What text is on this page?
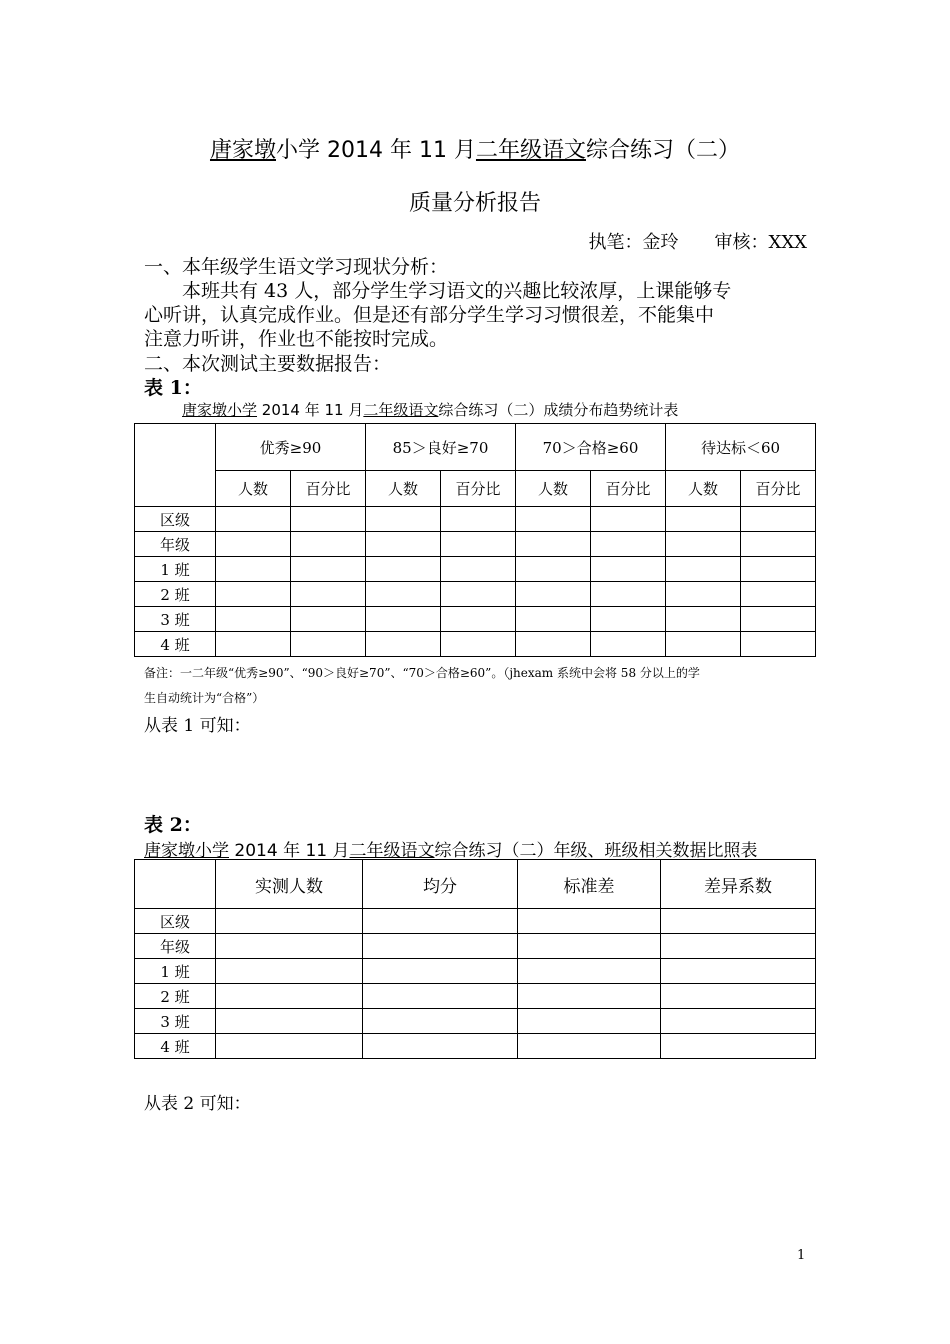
唐家墩小学 2014 年 11 月二年级语文综合练习（二）
质量分析报告
执笔：金玲　　审核：XXX
一、本年级学生语文学习现状分析：
本班共有 43 人，部分学生学习语文的兴趣比较浓厚，上课能够专
心听讲，认真完成作业。但是还有部分学生学习习惯很差，不能集中
注意力听讲，作业也不能按时完成。
二、本次测试主要数据报告：
表 1：
唐家墩小学 2014 年 11 月二年级语文综合练习（二）成绩分布趋势统计表
	优秀≥90		85＞良好≥70		70＞合格≥60		待达标＜60	
	人数	百分比	人数	百分比	人数	百分比	人数	百分比
区级								
年级								
1 班								
2 班								
3 班								
4 班								
备注：一二年级“优秀≥90”、“90＞良好≥70”、“70＞合格≥60”。（jhexam 系统中会将 58 分以上的学
生自动统计为“合格”）
从表 1 可知：
表 2：
唐家墩小学 2014 年 11 月二年级语文综合练习（二）年级、班级相关数据比照表
	实测人数	均分	标准差	差异系数
区级				
年级				
1 班				
2 班				
3 班				
4 班				
从表 2 可知：
1
